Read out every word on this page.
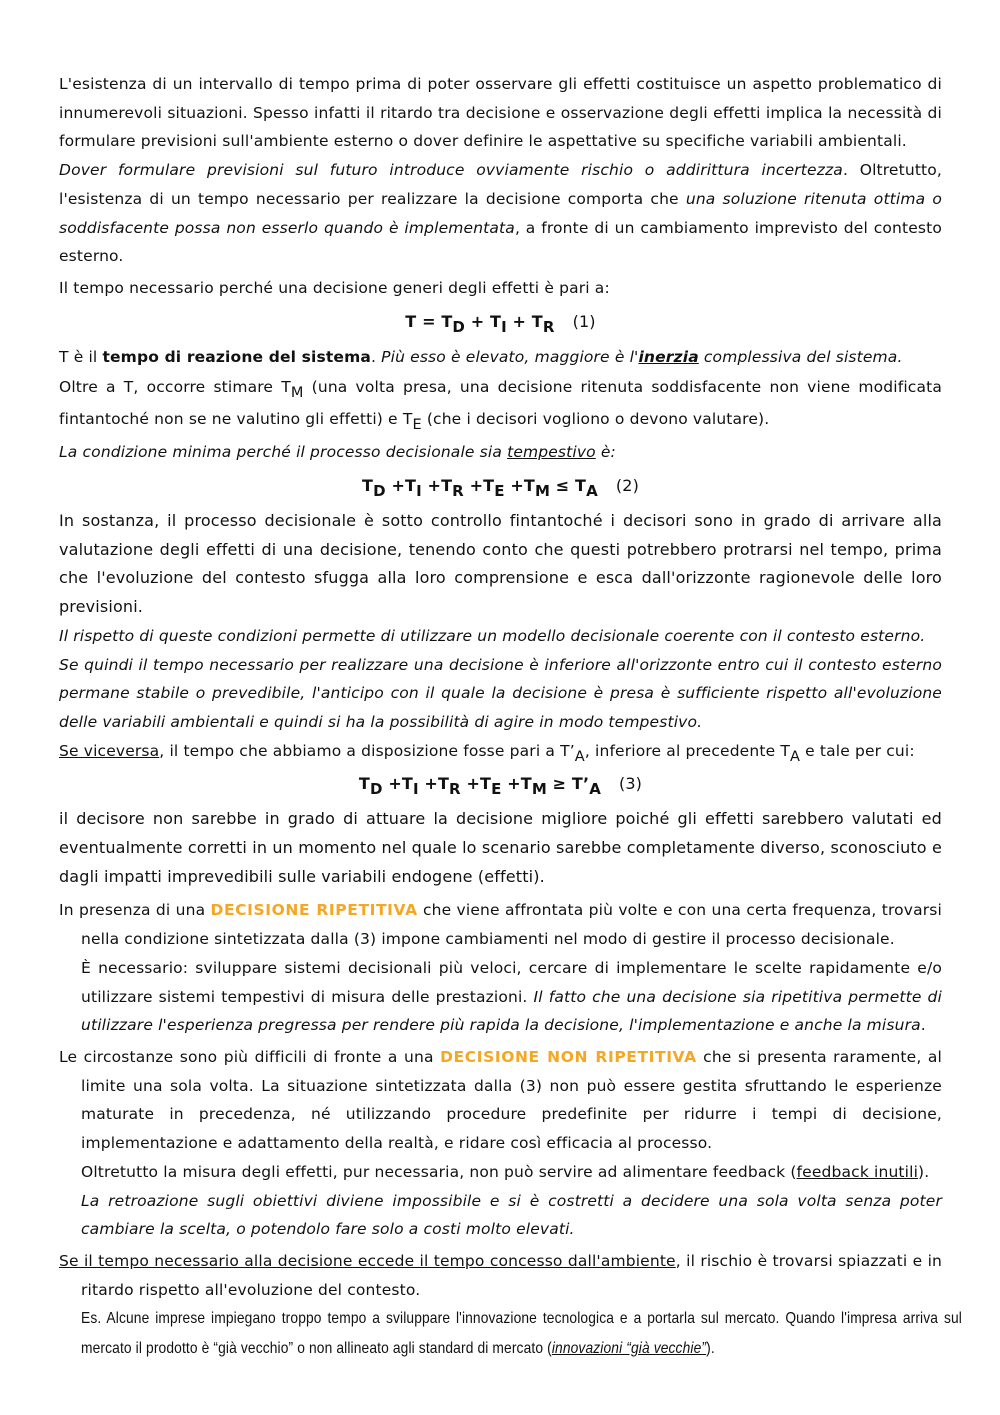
L'esistenza di un intervallo di tempo prima di poter osservare gli effetti costituisce un aspetto problematico di innumerevoli situazioni. Spesso infatti il ritardo tra decisione e osservazione degli effetti implica la necessità di formulare previsioni sull'ambiente esterno o dover definire le aspettative su specifiche variabili ambientali.

Dover formulare previsioni sul futuro introduce ovviamente rischio o addirittura incertezza. Oltretutto, l'esistenza di un tempo necessario per realizzare la decisione comporta che una soluzione ritenuta ottima o soddisfacente possa non esserlo quando è implementata, a fronte di un cambiamento imprevisto del contesto esterno.

Il tempo necessario perché una decisione generi degli effetti è pari a:

$T = T_D + T_I + T_R$ (1)

T è il tempo di reazione del sistema. Più esso è elevato, maggiore è l'inerzia complessiva del sistema.

Oltre a T, occorre stimare TM (una volta presa, una decisione ritenuta soddisfacente non viene modificata fintantoché non se ne valutino gli effetti) e TE (che i decisori vogliono o devono valutare).

La condizione minima perché il processo decisionale sia tempestivo è:

$T_D +T_I +T_R +T_E +T_M \le T_A$ (2)

In sostanza, il processo decisionale è sotto controllo fintantoché i decisori sono in grado di arrivare alla valutazione degli effetti di una decisione, tenendo conto che questi potrebbero protrarsi nel tempo, prima che l'evoluzione del contesto sfugga alla loro comprensione e esca dall'orizzonte ragionevole delle loro previsioni.

Il rispetto di queste condizioni permette di utilizzare un modello decisionale coerente con il contesto esterno.

Se quindi il tempo necessario per realizzare una decisione è inferiore all'orizzonte entro cui il contesto esterno permane stabile o prevedibile, l'anticipo con il quale la decisione è presa è sufficiente rispetto all'evoluzione delle variabili ambientali e quindi si ha la possibilità di agire in modo tempestivo.

Se viceversa, il tempo che abbiamo a disposizione fosse pari a T’A, inferiore al precedente TA e tale per cui:

$T_D +T_I +T_R +T_E +T_M$ ≥ $T’_A$ (3)

il decisore non sarebbe in grado di attuare la decisione migliore poiché gli effetti sarebbero valutati ed eventualmente corretti in un momento nel quale lo scenario sarebbe completamente diverso, sconosciuto e dagli impatti imprevedibili sulle variabili endogene (effetti).

In presenza di una DECISIONE RIPETITIVA che viene affrontata più volte e con una certa frequenza, trovarsi nella condizione sintetizzata dalla (3) impone cambiamenti nel modo di gestire il processo decisionale.

È necessario: sviluppare sistemi decisionali più veloci, cercare di implementare le scelte rapidamente e/o utilizzare sistemi tempestivi di misura delle prestazioni. Il fatto che una decisione sia ripetitiva permette di utilizzare l'esperienza pregressa per rendere più rapida la decisione, l'implementazione e anche la misura.

Le circostanze sono più difficili di fronte a una DECISIONE NON RIPETITIVA che si presenta raramente, al limite una sola volta. La situazione sintetizzata dalla (3) non può essere gestita sfruttando le esperienze maturate in precedenza, né utilizzando procedure predefinite per ridurre i tempi di decisione, implementazione e adattamento della realtà, e ridare così efficacia al processo.

Oltretutto la misura degli effetti, pur necessaria, non può servire ad alimentare feedback (feedback inutili).

La retroazione sugli obiettivi diviene impossibile e si è costretti a decidere una sola volta senza poter cambiare la scelta, o potendolo fare solo a costi molto elevati.

Se il tempo necessario alla decisione eccede il tempo concesso dall'ambiente, il rischio è trovarsi spiazzati e in ritardo rispetto all'evoluzione del contesto.

Es. Alcune imprese impiegano troppo tempo a sviluppare l'innovazione tecnologica e a portarla sul mercato. Quando l'impresa arriva sul mercato il prodotto è “già vecchio” o non allineato agli standard di mercato (innovazioni “già vecchie”).
